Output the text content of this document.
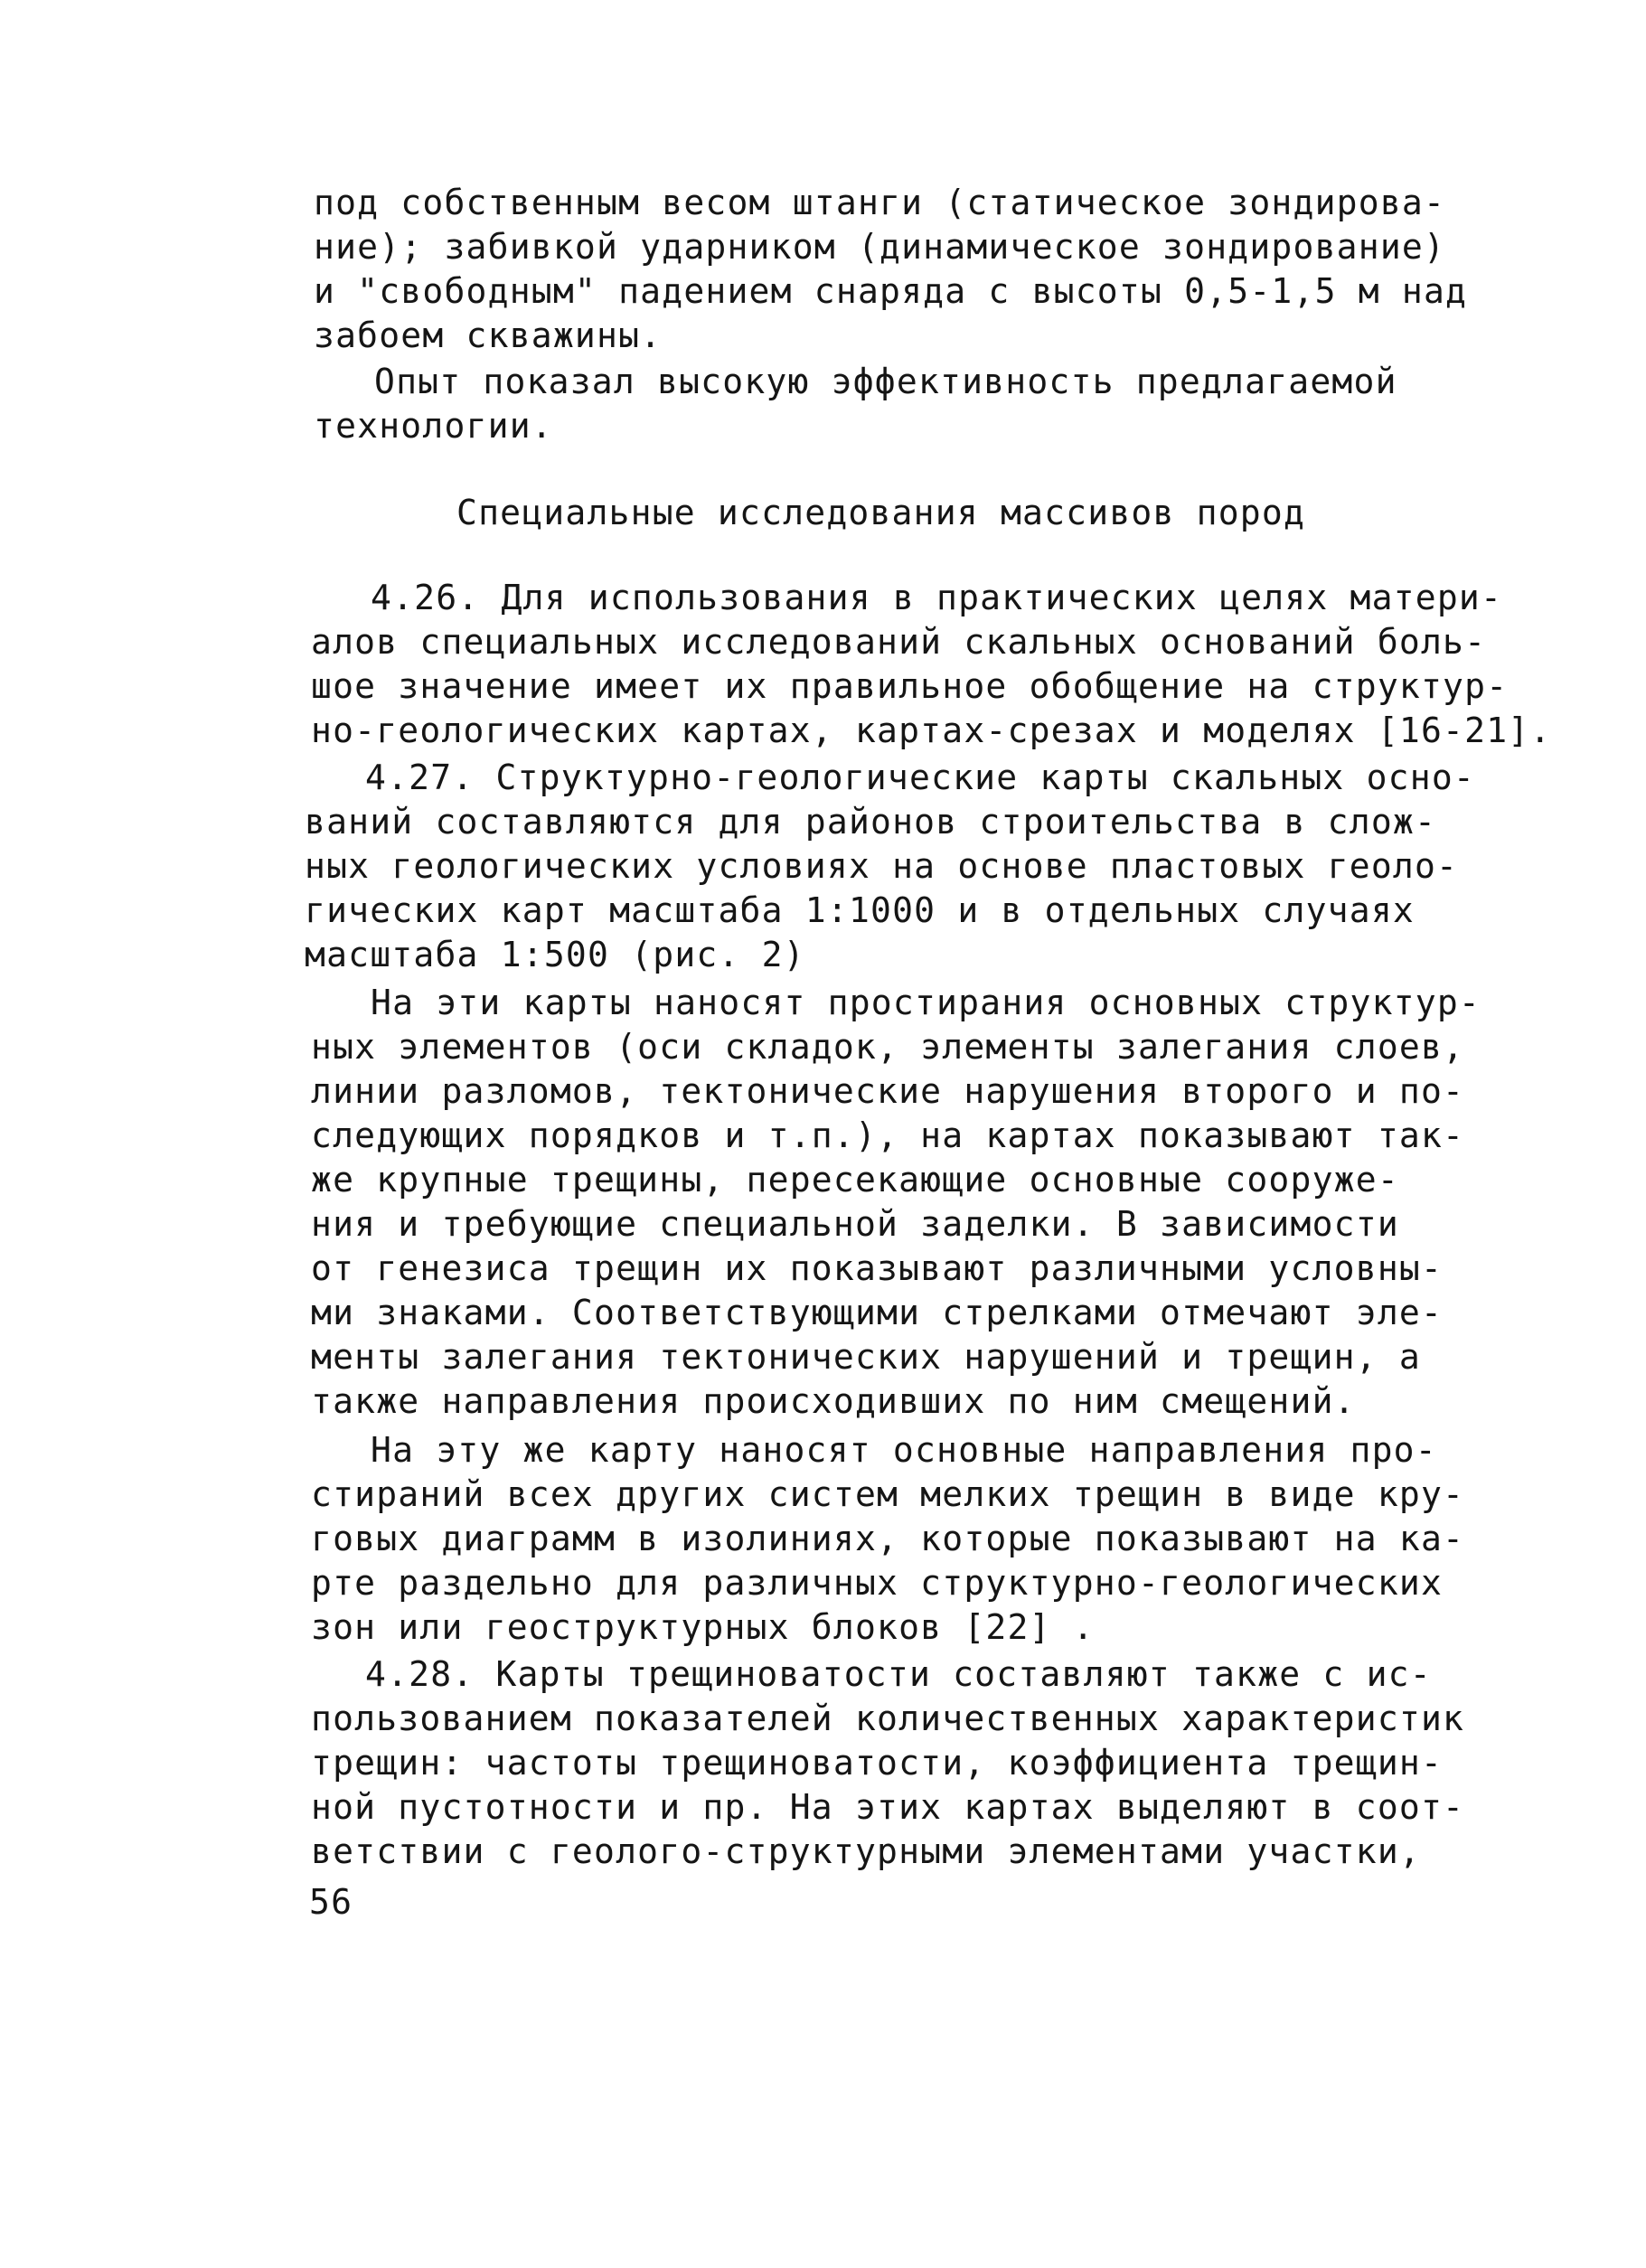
под собственным весом штанги (статическое зондирова-
ние); забивкой ударником (динамическое зондирование)
и "свободным" падением снаряда с высоты 0,5-1,5 м над
забоем скважины.
Опыт показал высокую эффективность предлагаемой
технологии.
Специальные исследования массивов пород
4.26. Для использования в практических целях матери-
алов специальных исследований скальных оснований боль-
шое значение имеет их правильное обобщение на структур-
но-геологических картах, картах-срезах и моделях [16-21].
4.27. Структурно-геологические карты скальных осно-
ваний составляются для районов строительства в слож-
ных геологических условиях на основе пластовых геоло-
гических карт масштаба 1:1000 и в отдельных случаях
масштаба 1:500 (рис. 2)
На эти карты наносят простирания основных структур-
ных элементов (оси складок, элементы залегания слоев,
линии разломов, тектонические нарушения второго и по-
следующих порядков и т.п.), на картах показывают так-
же крупные трещины, пересекающие основные сооруже-
ния и требующие специальной заделки. В зависимости
от генезиса трещин их показывают различными условны-
ми знаками. Соответствующими стрелками отмечают эле-
менты залегания тектонических нарушений и трещин, а
также направления происходивших по ним смещений.
На эту же карту наносят основные направления про-
стираний всех других систем мелких трещин в виде кру-
говых диаграмм в изолиниях, которые показывают на ка-
рте раздельно для различных структурно-геологических
зон или геоструктурных блоков [22] .
4.28. Карты трещиноватости составляют также с ис-
пользованием показателей количественных характеристик
трещин: частоты трещиноватости, коэффициента трещин-
ной пустотности и пр. На этих картах выделяют в соот-
ветствии с геолого-структурными элементами участки,
56
